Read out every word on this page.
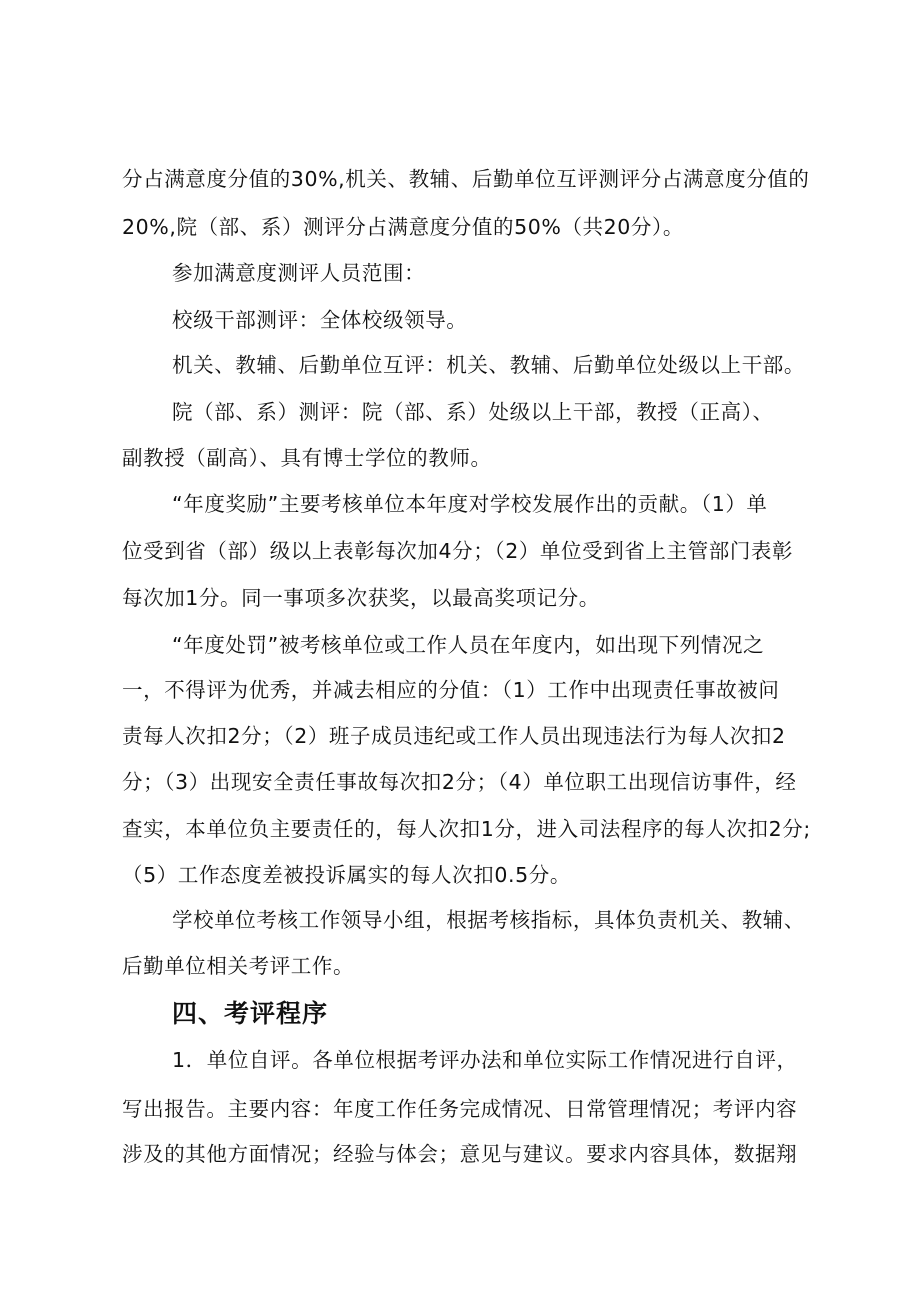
分占满意度分值的30%,机关、教辅、后勤单位互评测评分占满意度分值的

20%,院（部、系）测评分占满意度分值的50%（共20分）。

参加满意度测评人员范围：

校级干部测评：全体校级领导。

机关、教辅、后勤单位互评：机关、教辅、后勤单位处级以上干部。

院（部、系）测评：院（部、系）处级以上干部，教授（正高）、

副教授（副高）、具有博士学位的教师。

“年度奖励”主要考核单位本年度对学校发展作出的贡献。（1）单

位受到省（部）级以上表彰每次加4分；（2）单位受到省上主管部门表彰

每次加1分。同一事项多次获奖，以最高奖项记分。

“年度处罚”被考核单位或工作人员在年度内，如出现下列情况之

一，不得评为优秀，并减去相应的分值：（1）工作中出现责任事故被问

责每人次扣2分；（2）班子成员违纪或工作人员出现违法行为每人次扣2

分；（3）出现安全责任事故每次扣2分；（4）单位职工出现信访事件，经

查实，本单位负主要责任的，每人次扣1分，进入司法程序的每人次扣2分;

（5）工作态度差被投诉属实的每人次扣0.5分。

学校单位考核工作领导小组，根据考核指标，具体负责机关、教辅、

后勤单位相关考评工作。

四、考评程序

1．单位自评。各单位根据考评办法和单位实际工作情况进行自评，

写出报告。主要内容：年度工作任务完成情况、日常管理情况；考评内容

涉及的其他方面情况；经验与体会；意见与建议。要求内容具体，数据翔
